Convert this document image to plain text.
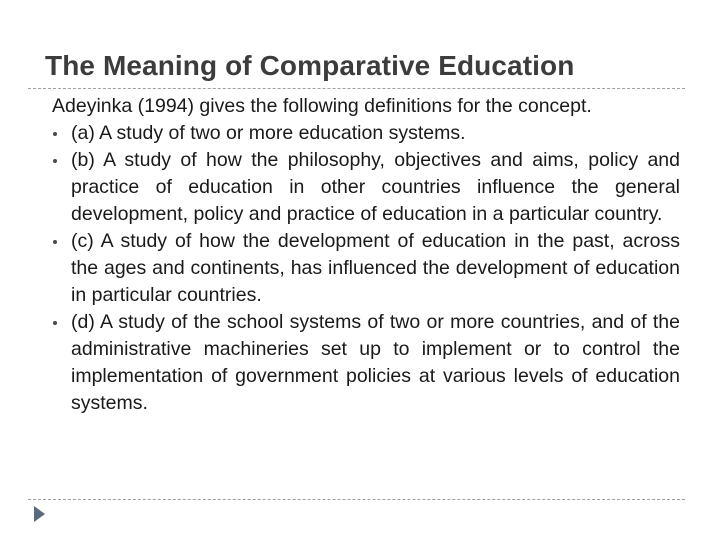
The Meaning of Comparative Education
Adeyinka (1994) gives the following definitions for the concept.
(a) A study of two or more education systems.
(b) A study of how the philosophy, objectives and aims, policy and practice of education in other countries influence the general development, policy and practice of education in a particular country.
(c) A study of how the development of education in the past, across the ages and continents, has influenced the development of education in particular countries.
(d) A study of the school systems of two or more countries, and of the administrative machineries set up to implement or to control the implementation of government policies at various levels of education systems.
